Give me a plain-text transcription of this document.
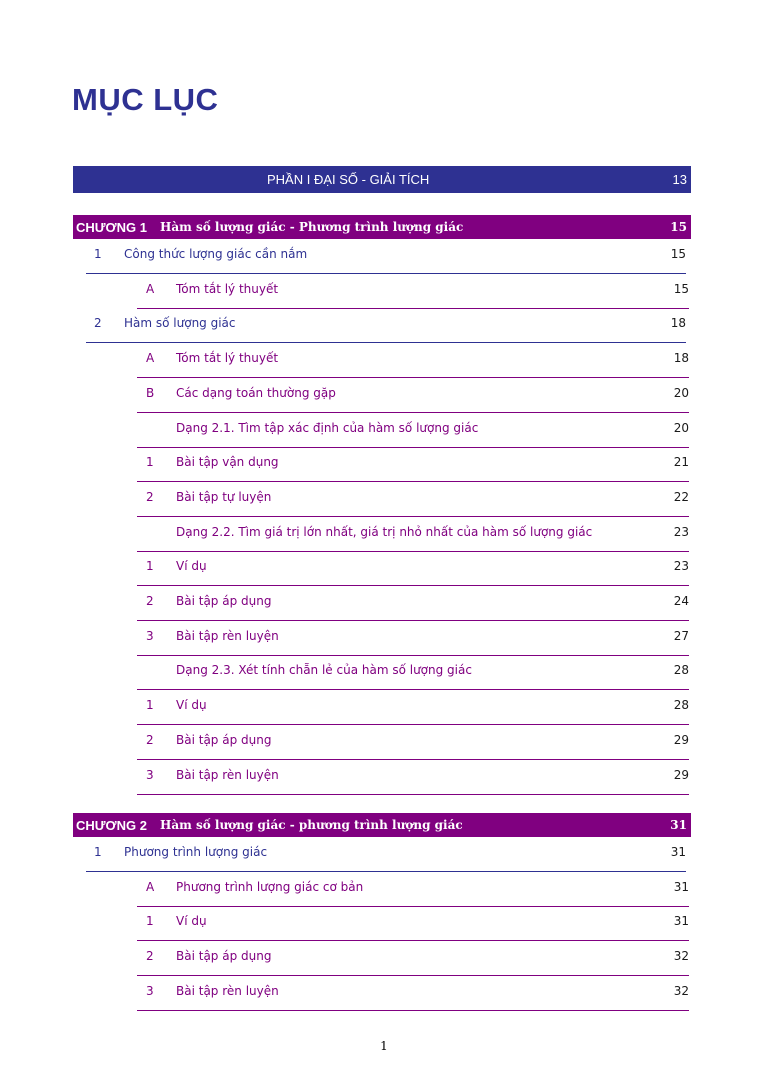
MỤC LỤC
PHẦN I ĐẠI SỐ - GIẢI TÍCH	13
CHƯƠNG 1 Hàm số lượng giác - Phương trình lượng giác	15
1 Công thức lượng giác cần nắm	15
A Tóm tắt lý thuyết	15
2 Hàm số lượng giác	18
A Tóm tắt lý thuyết	18
B Các dạng toán thường gặp	20
Dạng 2.1. Tìm tập xác định của hàm số lượng giác	20
1 Bài tập vận dụng	21
2 Bài tập tự luyện	22
Dạng 2.2. Tìm giá trị lớn nhất, giá trị nhỏ nhất của hàm số lượng giác	23
1 Ví dụ	23
2 Bài tập áp dụng	24
3 Bài tập rèn luyện	27
Dạng 2.3. Xét tính chẵn lẻ của hàm số lượng giác	28
1 Ví dụ	28
2 Bài tập áp dụng	29
3 Bài tập rèn luyện	29
CHƯƠNG 2 Hàm số lượng giác - phương trình lượng giác	31
1 Phương trình lượng giác	31
A Phương trình lượng giác cơ bản	31
1 Ví dụ	31
2 Bài tập áp dụng	32
3 Bài tập rèn luyện	32
1
